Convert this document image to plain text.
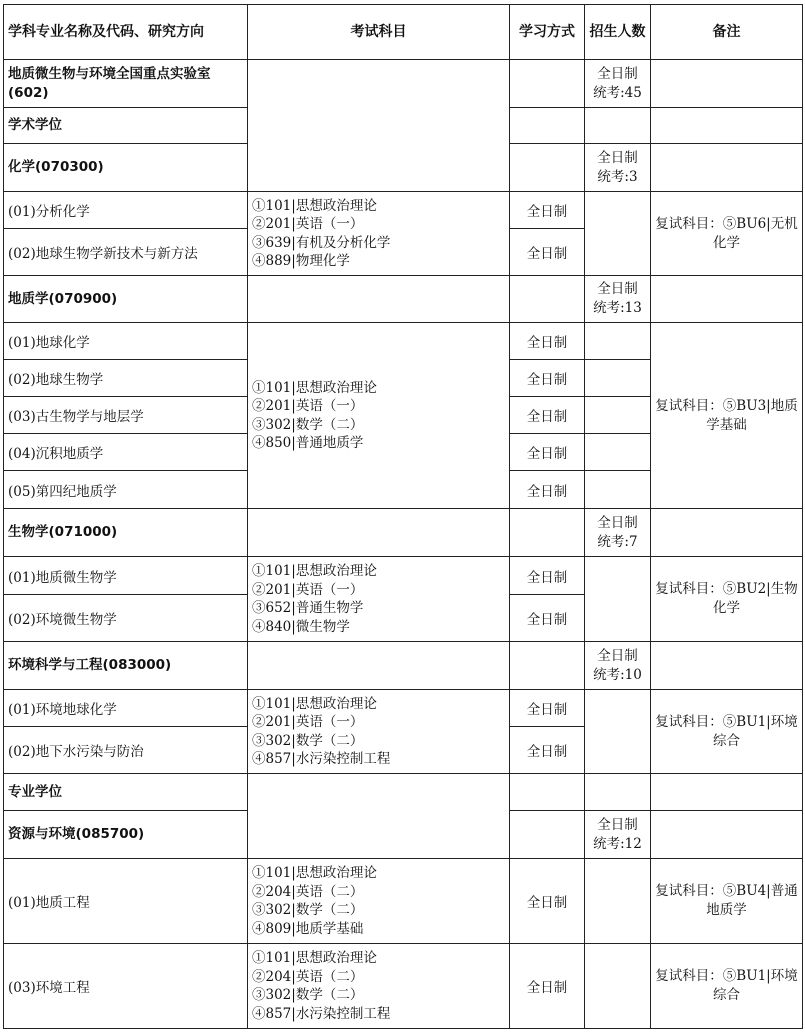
学科专业名称及代码、研究方向	考试科目	学习方式	招生人数	备注
地质微生物与环境全国重点实验室(602)			全日制
统考:45	

学术学位				
化学(070300)			全日制
统考:3	

(01)分析化学	①101|思想政治理论
②201|英语（一）
③639|有机及分析化学
④889|物理化学	全日制		复试科目：⑤BU6|无机化学
(02)地球生物学新技术与新方法		全日制		
地质学(070900)			全日制
统考:13	

(01)地球化学	①101|思想政治理论
②201|英语（一）
③302|数学（二）
④850|普通地质学	全日制		复试科目：⑤BU3|地质学基础
(02)地球生物学		全日制		
(03)古生物学与地层学		全日制		
(04)沉积地质学		全日制		
(05)第四纪地质学		全日制		
生物学(071000)			全日制
统考:7	

(01)地质微生物学	①101|思想政治理论
②201|英语（一）
③652|普通生物学
④840|微生物学	全日制		复试科目：⑤BU2|生物化学
(02)环境微生物学		全日制		
环境科学与工程(083000)			全日制
统考:10	

(01)环境地球化学	①101|思想政治理论
②201|英语（一）
③302|数学（二）
④857|水污染控制工程	全日制		复试科目：⑤BU1|环境综合
(02)地下水污染与防治		全日制		
专业学位				
资源与环境(085700)			全日制
统考:12	

(01)地质工程	①101|思想政治理论
②204|英语（二）
③302|数学（二）
④809|地质学基础	全日制		复试科目：⑤BU4|普通地质学
(03)环境工程	①101|思想政治理论
②204|英语（二）
③302|数学（二）
④857|水污染控制工程	全日制		复试科目：⑤BU1|环境综合
